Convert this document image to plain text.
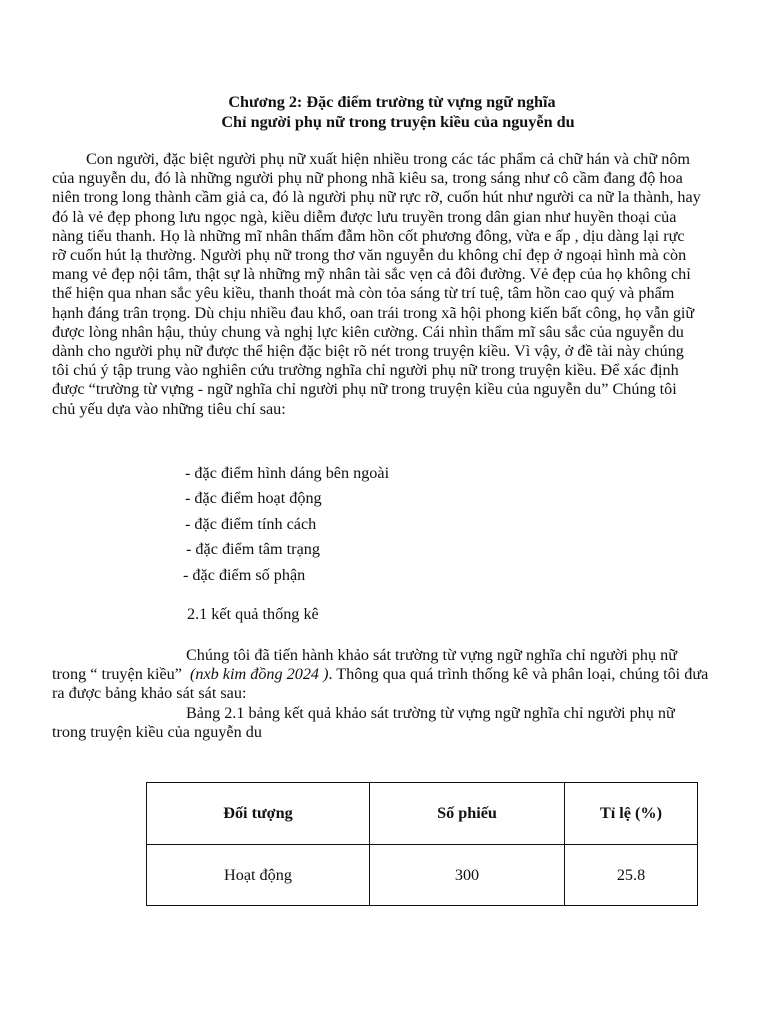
Chương 2: Đặc điểm trường từ vựng ngữ nghĩa
Chỉ người phụ nữ trong truyện kiều của nguyễn du

Con người, đặc biệt người phụ nữ xuất hiện nhiều trong các tác phẩm cả chữ hán và chữ nôm của nguyễn du, đó là những người phụ nữ phong nhã kiêu sa, trong sáng như cô cầm đang độ hoa niên trong long thành cầm giả ca, đó là người phụ nữ rực rỡ, cuốn hút như người ca nữ la thành, hay đó là vẻ đẹp phong lưu ngọc ngà, kiều diễm được lưu truyền trong dân gian như huyền thoại của nàng tiểu thanh. Họ là những mĩ nhân thấm đẫm hồn cốt phương đông, vừa e ấp , dịu dàng lại rực rỡ cuốn hút lạ thường. Người phụ nữ trong thơ văn nguyễn du không chỉ đẹp ở ngoại hình mà còn mang vẻ đẹp nội tâm, thật sự là những mỹ nhân tài sắc vẹn cả đôi đường. Vẻ đẹp của họ không chỉ thể hiện qua nhan sắc yêu kiều, thanh thoát mà còn tỏa sáng từ trí tuệ, tâm hồn cao quý và phẩm hạnh đáng trân trọng. Dù chịu nhiều đau khổ, oan trái trong xã hội phong kiến bất công, họ vẫn giữ được lòng nhân hậu, thủy chung và nghị lực kiên cường. Cái nhìn thẩm mĩ sâu sắc của nguyễn du dành cho người phụ nữ được thể hiện đặc biệt rõ nét trong truyện kiều. Vì vậy, ở đề tài này chúng tôi chú ý tập trung vào nghiên cứu trường nghĩa chỉ người phụ nữ trong truyện kiều. Để xác định được “trường từ vựng - ngữ nghĩa chỉ người phụ nữ trong truyện kiều của nguyễn du” Chúng tôi chủ yếu dựa vào những tiêu chí sau:

- đặc điểm hình dáng bên ngoài
- đặc điểm hoạt động
- đặc điểm tính cách
- đặc điểm tâm trạng
- đặc điểm số phận
2.1 kết quả thống kê

Chúng tôi đã tiến hành khảo sát trường từ vựng ngữ nghĩa chỉ người phụ nữ trong “ truyện kiều”  (nxb kim đồng 2024 ). Thông qua quá trình thống kê và phân loại, chúng tôi đưa ra được bảng khảo sát sát sau:

Bảng 2.1 bảng kết quả khảo sát trường từ vựng ngữ nghĩa chỉ người phụ nữ trong truyện kiều của nguyễn du

Đối tượng	Số phiếu	Tỉ lệ (%)
Hoạt động	300	25.8
